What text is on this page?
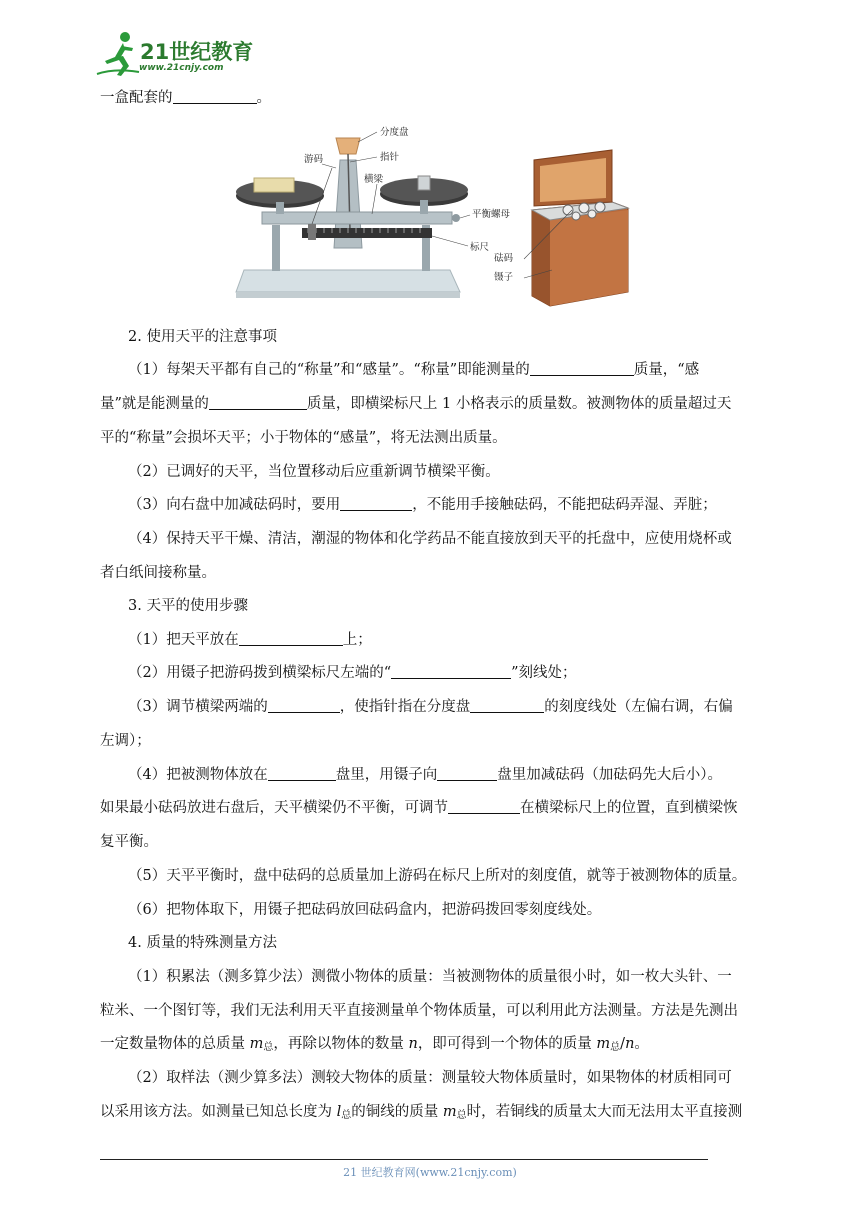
21世纪教育
www.21cnjy.com
一盒配套的	。
分度盘
指针
游码
横梁
平衡螺母
标尺
砝码
镊子
2. 使用天平的注意事项
（1）每架天平都有自己的“称量”和“感量”。“称量”即能测量的	质量，“感
量”就是能测量的	质量，即横梁标尺上 1 小格表示的质量数。被测物体的质量超过天
平的“称量”会损坏天平；小于物体的“感量”，将无法测出质量。
（2）已调好的天平，当位置移动后应重新调节横梁平衡。
（3）向右盘中加减砝码时，要用	，不能用手接触砝码，不能把砝码弄湿、弄脏；
（4）保持天平干燥、清洁，潮湿的物体和化学药品不能直接放到天平的托盘中，应使用烧杯或
者白纸间接称量。
3. 天平的使用步骤
（1）把天平放在	上；
（2）用镊子把游码拨到横梁标尺左端的“	”刻线处；
（3）调节横梁两端的	，使指针指在分度盘	的刻度线处（左偏右调，右偏
左调）；
（4）把被测物体放在	盘里，用镊子向	盘里加减砝码（加砝码先大后小）。
如果最小砝码放进右盘后，天平横梁仍不平衡，可调节	在横梁标尺上的位置，直到横梁恢
复平衡。
（5）天平平衡时，盘中砝码的总质量加上游码在标尺上所对的刻度值，就等于被测物体的质量。
（6）把物体取下，用镊子把砝码放回砝码盒内，把游码拨回零刻度线处。
4. 质量的特殊测量方法
（1）积累法（测多算少法）测微小物体的质量：当被测物体的质量很小时，如一枚大头针、一
粒米、一个图钉等，我们无法利用天平直接测量单个物体质量，可以利用此方法测量。方法是先测出
一定数量物体的总质量 $m_总$，再除以物体的数量 n，即可得到一个物体的质量 $m_总/n$。
（2）取样法（测少算多法）测较大物体的质量：测量较大物体质量时，如果物体的材质相同可
以采用该方法。如测量已知总长度为 $l_总$的铜线的质量 $m_总$时，若铜线的质量太大而无法用太平直接测
21 世纪教育网(www.21cnjy.com)
